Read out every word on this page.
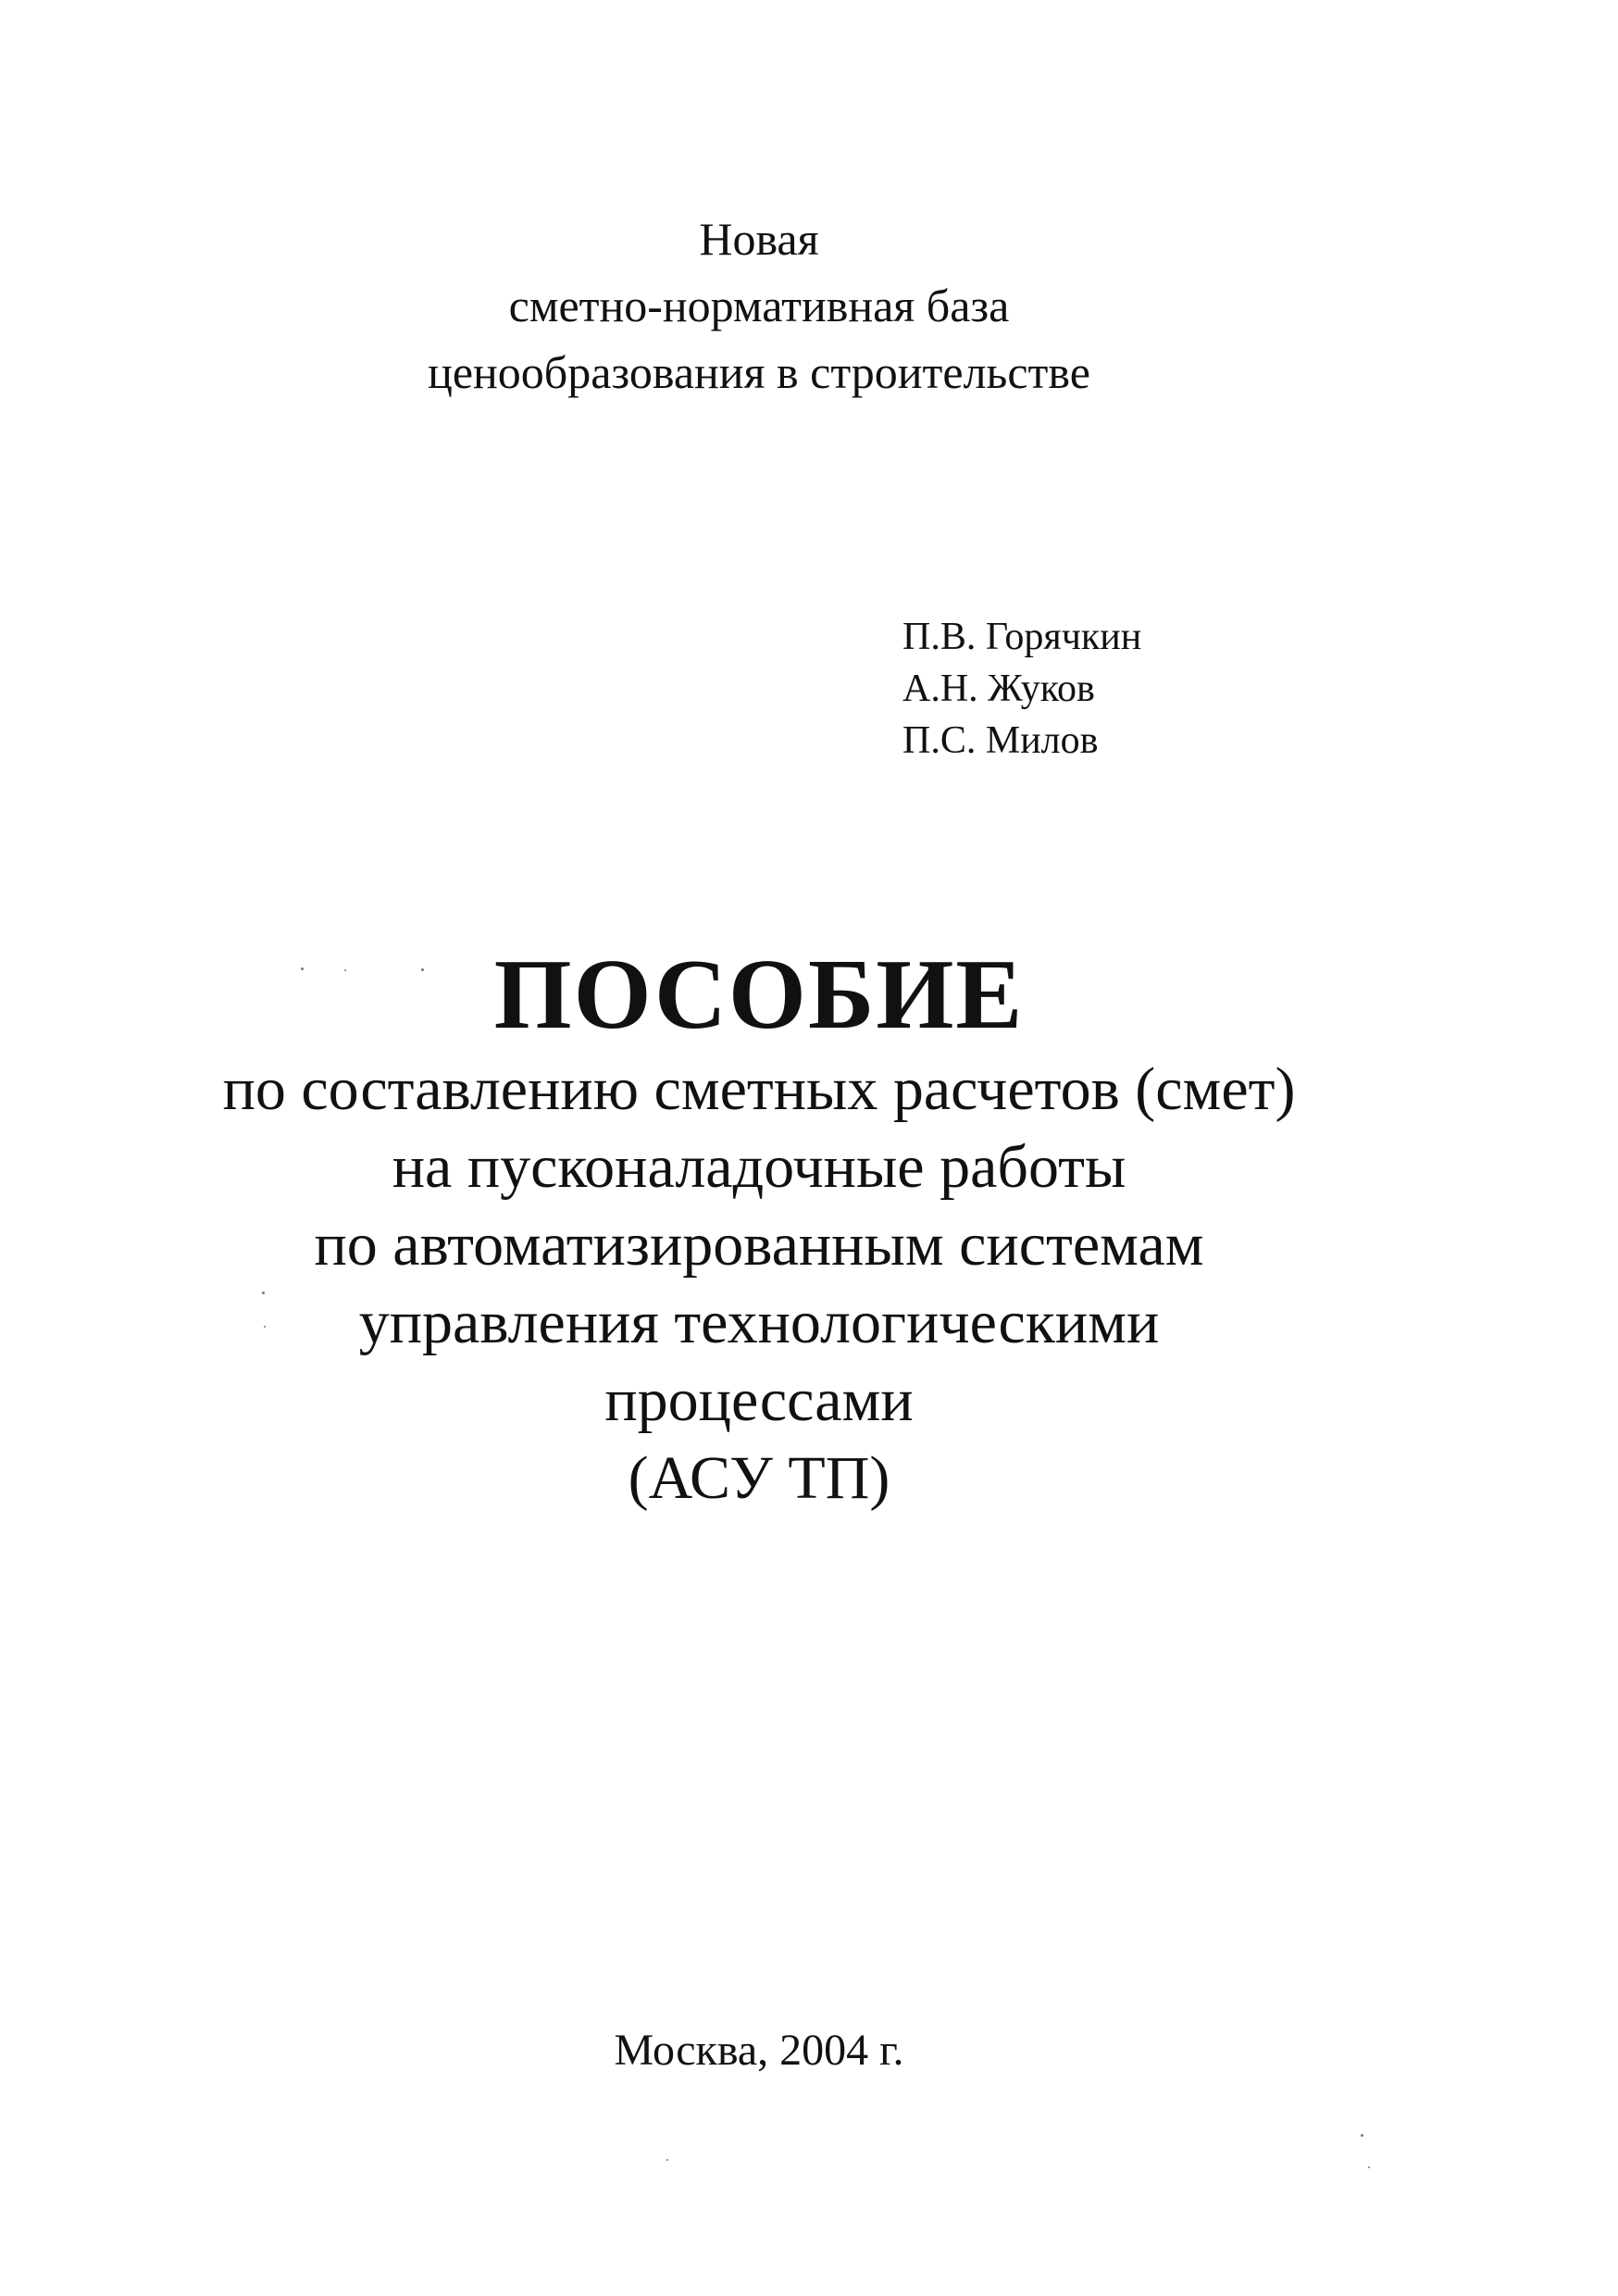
Новая
сметно-нормативная база
ценообразования в строительстве
П.В. Горячкин
А.Н. Жуков
П.С. Милов
ПОСОБИЕ
по составлению сметных расчетов (смет)
на пусконаладочные работы
по автоматизированным системам
управления технологическими
процессами
(АСУ ТП)
Москва, 2004 г.
